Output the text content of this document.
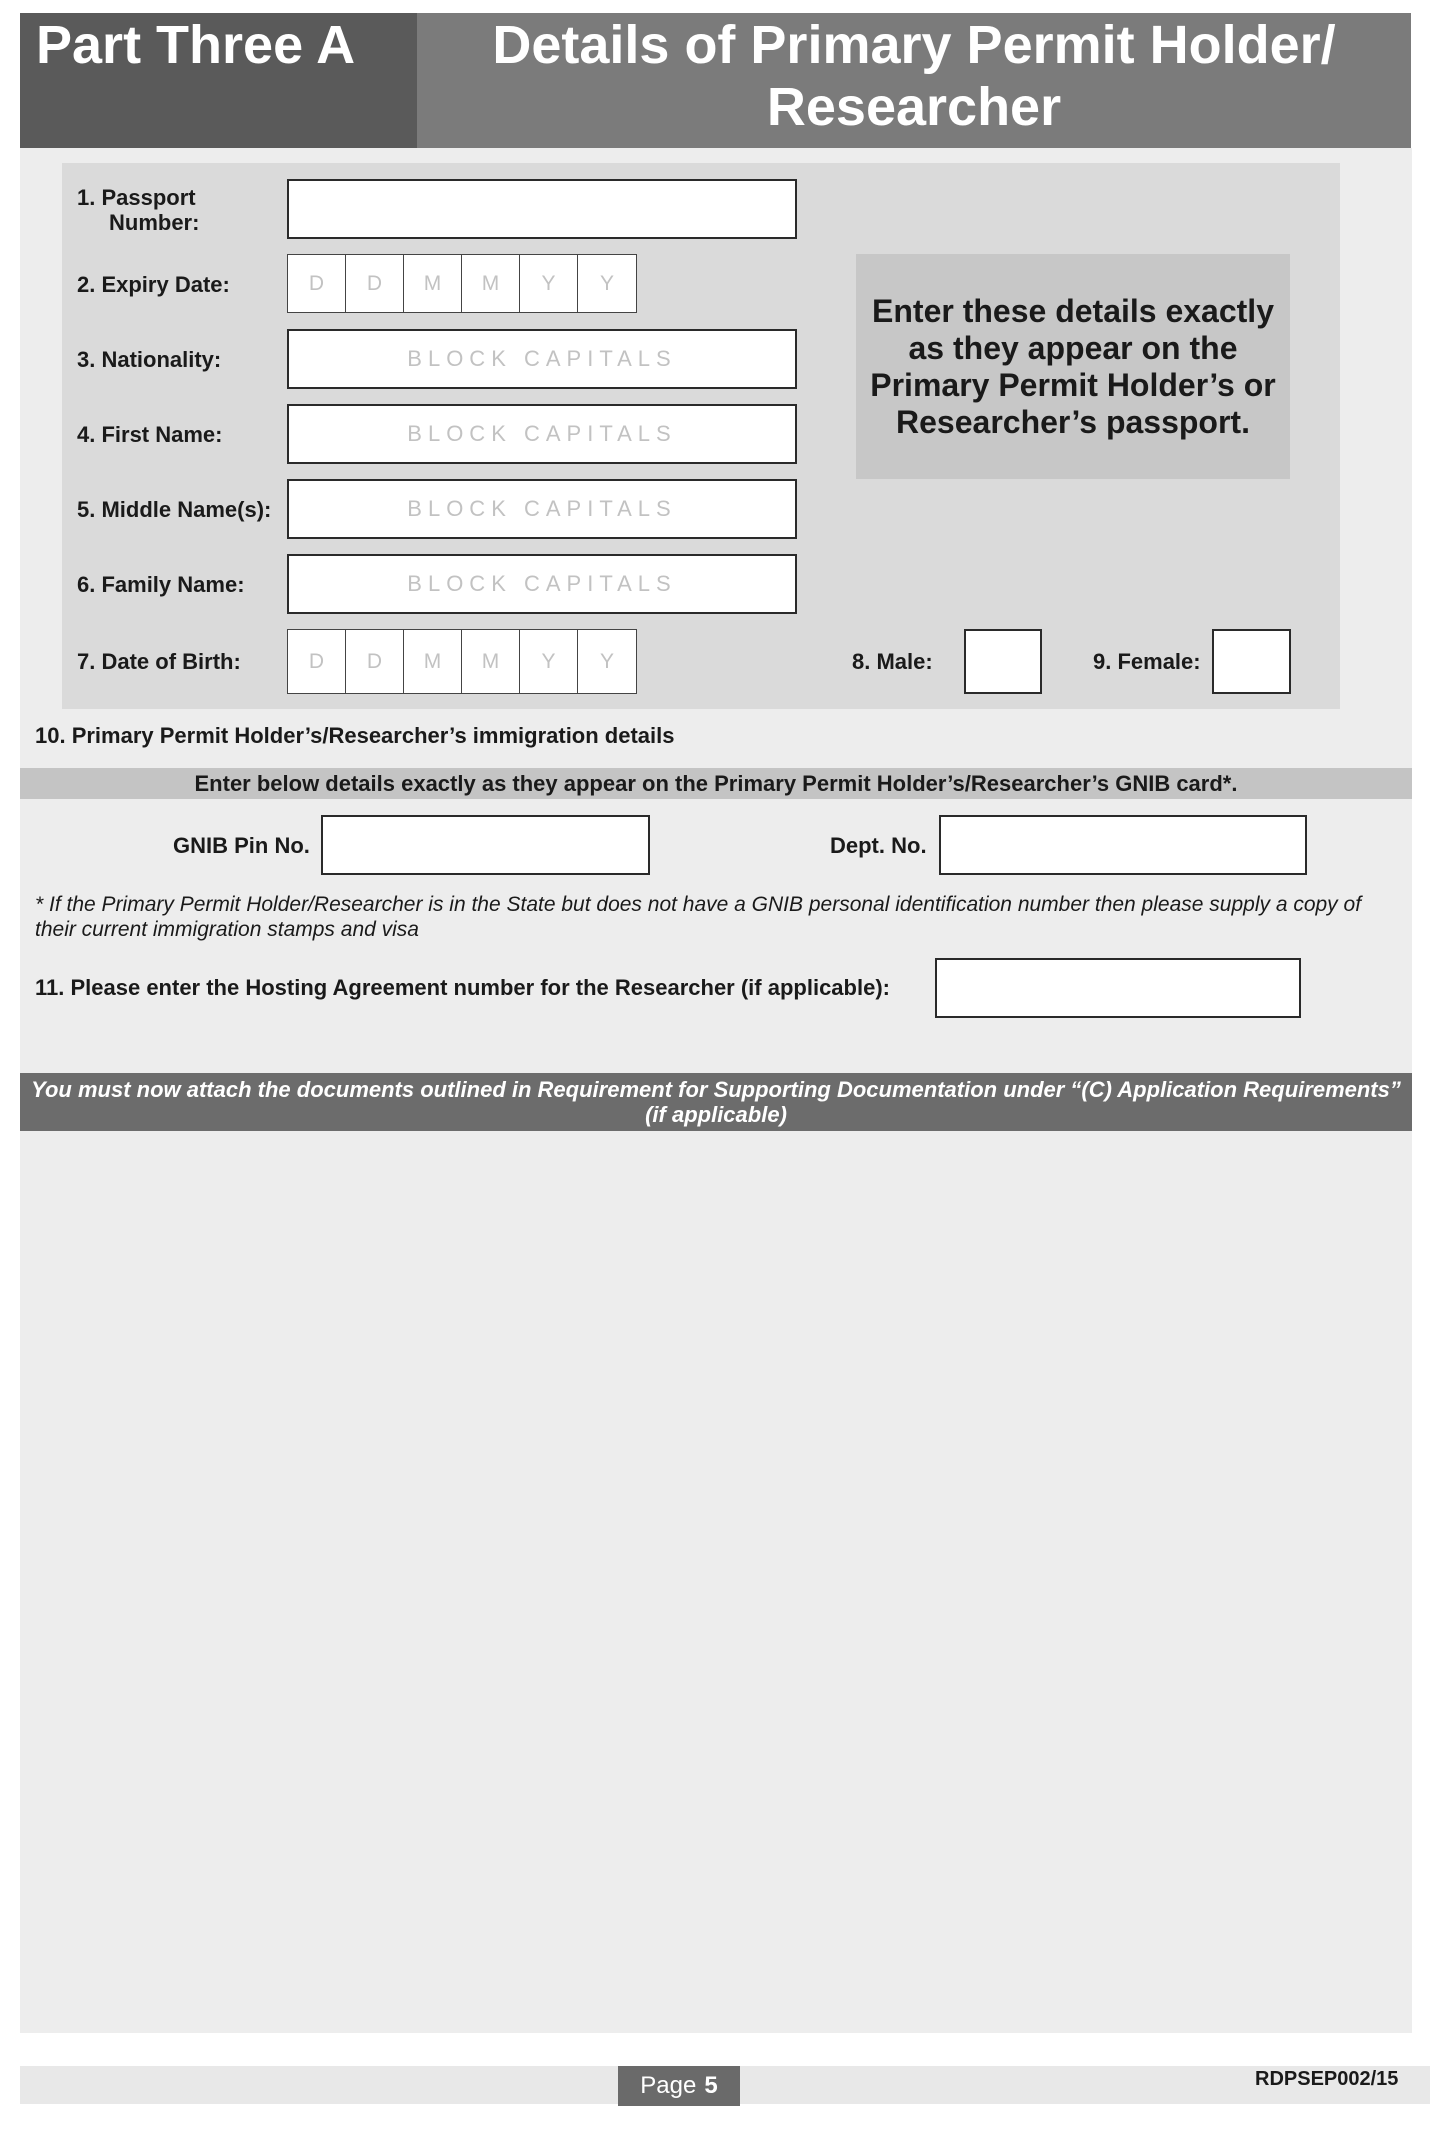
Part Three A	Details of Primary Permit Holder/
Researcher
1. Passport
Number:
2. Expiry Date:	D	D	M	M	Y	Y
3. Nationality:	BLOCK CAPITALS
4. First Name:	BLOCK CAPITALS
5. Middle Name(s):	BLOCK CAPITALS
6. Family Name:	BLOCK CAPITALS
7. Date of Birth:	D	D	M	M	Y	Y	8. Male:	9. Female:
Enter these details exactly as they appear on the Primary Permit Holder’s or Researcher’s passport.
10. Primary Permit Holder’s/Researcher’s immigration details
Enter below details exactly as they appear on the Primary Permit Holder’s/Researcher’s GNIB card*.
GNIB Pin No.	Dept. No.
* If the Primary Permit Holder/Researcher is in the State but does not have a GNIB personal identification number then please supply a copy of their current immigration stamps and visa
11. Please enter the Hosting Agreement number for the Researcher (if applicable):
You must now attach the documents outlined in Requirement for Supporting Documentation under “(C) Application Requirements”
(if applicable)
Page 5	RDPSEP002/15
